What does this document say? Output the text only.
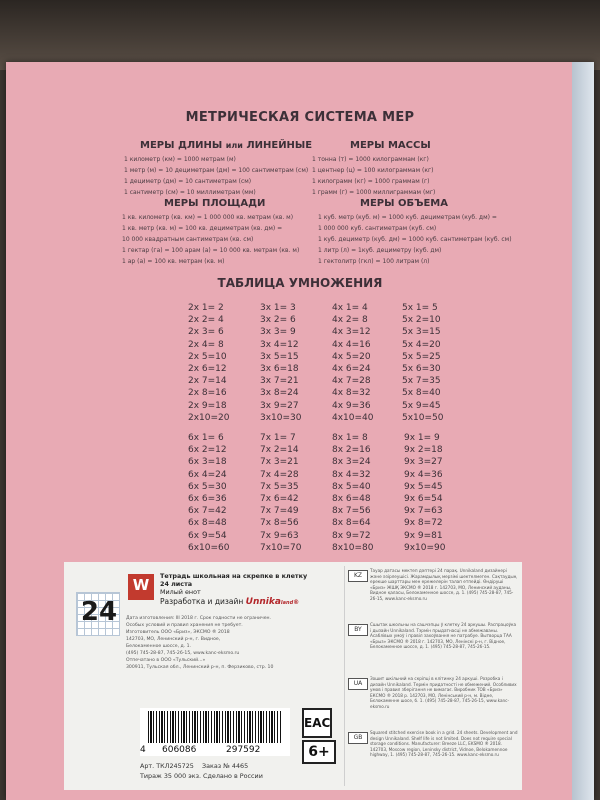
МЕТРИЧЕСКАЯ СИСТЕМА МЕР
МЕРЫ ДЛИНЫ или ЛИНЕЙНЫЕ
1 километр (км) = 1000 метрам (м)
1 метр (м) = 10 дециметрам (дм) = 100 сантиметрам (см)
1 дециметр (дм) = 10 сантиметрам (см)
1 сантиметр (см) = 10 миллиметрам (мм)
МЕРЫ МАССЫ
1 тонна (т) = 1000 килограммам (кг)
1 центнер (ц) = 100 килограммам (кг)
1 килограмм (кг) = 1000 граммам (г)
1 грамм (г) = 1000 миллиграммам (мг)
МЕРЫ ПЛОЩАДИ
1 кв. километр (кв. км) = 1 000 000 кв. метрам (кв. м)
1 кв. метр (кв. м) = 100 кв. дециметрам (кв. дм) =
10 000 квадратным сантиметрам (кв. см)
1 гектар (га) = 100 арам (а) = 10 000 кв. метрам (кв. м)
1 ар (а) = 100 кв. метрам (кв. м)
МЕРЫ ОБЪЕМА
1 куб. метр (куб. м) = 1000 куб. дециметрам (куб. дм) =
1 000 000 куб. сантиметрам (куб. см)
1 куб. дециметр (куб. дм) = 1000 куб. сантиметрам (куб. см)
1 литр (л) = 1куб. дециметру (куб. дм)
1 гектолитр (гкл) = 100 литрам (л)
ТАБЛИЦА УМНОЖЕНИЯ
2x 1= 2
2x 2= 4
2x 3= 6
2x 4= 8
2x 5=10
2x 6=12
2x 7=14
2x 8=16
2x 9=18
2x10=20
3x 1= 3
3x 2= 6
3x 3= 9
3x 4=12
3x 5=15
3x 6=18
3x 7=21
3x 8=24
3x 9=27
3x10=30
4x 1= 4
4x 2= 8
4x 3=12
4x 4=16
4x 5=20
4x 6=24
4x 7=28
4x 8=32
4x 9=36
4x10=40
5x 1= 5
5x 2=10
5x 3=15
5x 4=20
5x 5=25
5x 6=30
5x 7=35
5x 8=40
5x 9=45
5x10=50
6x 1= 6
6x 2=12
6x 3=18
6x 4=24
6x 5=30
6x 6=36
6x 7=42
6x 8=48
6x 9=54
6x10=60
7x 1= 7
7x 2=14
7x 3=21
7x 4=28
7x 5=35
7x 6=42
7x 7=49
7x 8=56
7x 9=63
7x10=70
8x 1= 8
8x 2=16
8x 3=24
8x 4=32
8x 5=40
8x 6=48
8x 7=56
8x 8=64
8x 9=72
8x10=80
9x 1= 9
9x 2=18
9x 3=27
9x 4=36
9x 5=45
9x 6=54
9x 7=63
9x 8=72
9x 9=81
9x10=90
24
W	Тетрадь школьная на скрепке в клетку
24 листа
Милый енот
Разработка и дизайн Unnikaland®
Дата изготовления: III 2018 г. Срок годности не ограничен.
Особых условий и правил хранения не требует.
Изготовитель ООО «Бриз», ЭКСМО ® 2018
142703, МО, Ленинский р-н, г. Видное,
Белокаменное шоссе, д. 1.
(495) 745-28-87, 745-26-15, www.kanc-eksmo.ru
Отпечатано в ООО «Тульский...»
300911, Тульская обл., Ленинский р-н, п. Ферзиково, стр. 10
4 606086	297592
EAC
6+
Арт. ТКЛ245725 Заказ № 4465
Тираж 35 000 экз. Сделано в России
KZ
Тауар датасы мектеп дәптері 24 парақ. Unnikaland дизайнері және әзірлеушісі. Жарамдылық мерзімі шектелмеген. Сақтаудың ерекше шарттары мен ережелерін талап етпейді. Өндіруші «Бриз» ЖШҚ ЭКСМО ® 2018 г. 142703, МО, Ленинский ауданы, Видное қаласы, Белокаменное шоссе, д. 1. (495) 745-28-87, 745-26-15, www.kanc-eksmo.ru
BY
Сшытак школьны на сашчэпцы ў клетку 24 аркушы. Распрацоўка і дызайн Unnikaland. Тэрмін прыдатнасці не абмежаваны. Асаблівых умоў і правіл захоўвання не патрабуе. Вытворца ТАА «Брыз» ЭКСМО ® 2018 г. 142703, МО, Ленінскі р-н, г. Відное, Белокаменное шоссе, д. 1. (495) 745-28-87, 745-26-15.
UA
Зошит шкільний на скріпці в клітинку 24 аркуші. Розробка і дизайн Unnikaland. Термін придатності не обмежений. Особливих умов і правил зберігання не вимагає. Виробник ТОВ «Бриз» ЕКСМО ® 2018 р. 142703, МО, Ленінський р-н, м. Відне, Бєлокаменне шосе, б. 1. (495) 745-28-87, 745-26-15, www.kanc-eksmo.ru
GB
Squared stitched exercise book in a grid. 24 sheets. Development and design Unnikaland. Shelf life is not limited. Does not require special storage conditions. Manufacturer: Breeze LLC, EKSMO ® 2018. 142703, Moscow region, Leninsky district, Vidnoe, Belokamennoe highway, 1. (495) 745-28-87, 745-26-15. www.kanc-eksmo.ru
